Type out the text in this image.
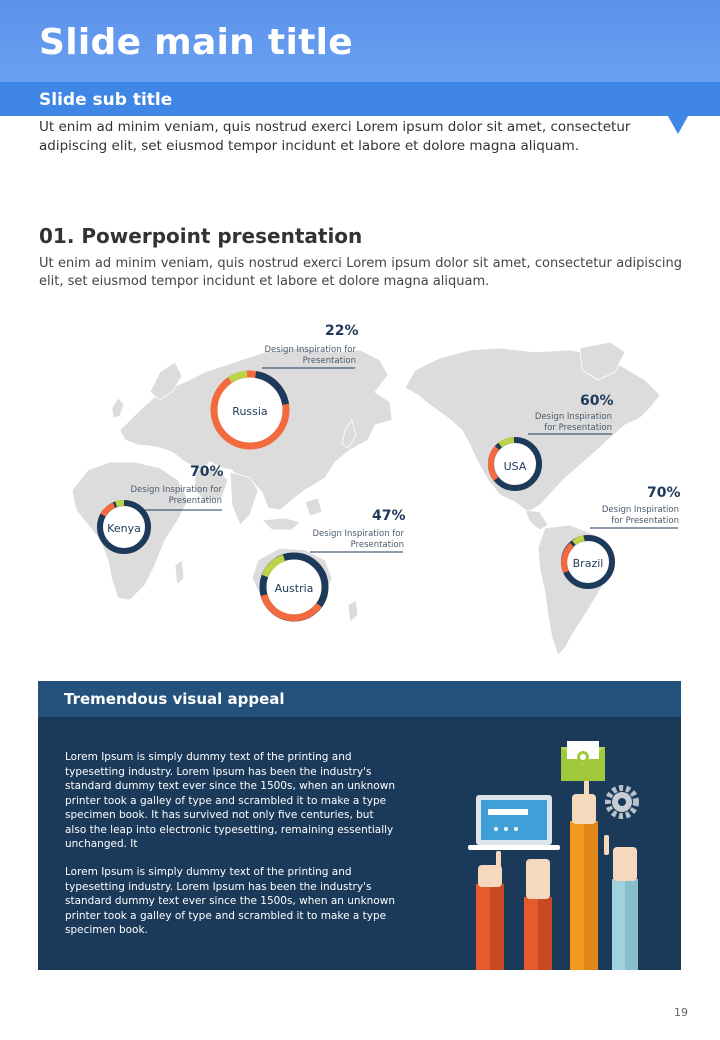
Slide main title
Slide sub title
Ut enim ad minim veniam, quis nostrud exerci Lorem ipsum dolor sit amet, consectetur adipiscing elit, set eiusmod tempor incidunt et labore et dolore magna aliquam.
01. Powerpoint presentation
Ut enim ad minim veniam, quis nostrud exerci Lorem ipsum dolor sit amet, consectetur adipiscing elit, set eiusmod tempor incidunt et labore et dolore magna aliquam.
Russia
USA
Kenya
Austria
Brazil
22%
Design Inspiration for Presentation
60%
Design Inspiration for Presentation
70%
Design Inspiration for Presentation
47%
Design Inspiration for Presentation
70%
Design Inspiration for Presentation
Tremendous visual appeal
Lorem Ipsum is simply dummy text of the printing and typesetting industry. Lorem Ipsum has been the industry's standard dummy text ever since the 1500s, when an unknown printer took a galley of type and scrambled it to make a type specimen book. It has survived not only five centuries, but also the leap into electronic typesetting, remaining essentially unchanged. It
Lorem Ipsum is simply dummy text of the printing and typesetting industry. Lorem Ipsum has been the industry's standard dummy text ever since the 1500s, when an unknown printer took a galley of type and scrambled it to make a type specimen book.
19
